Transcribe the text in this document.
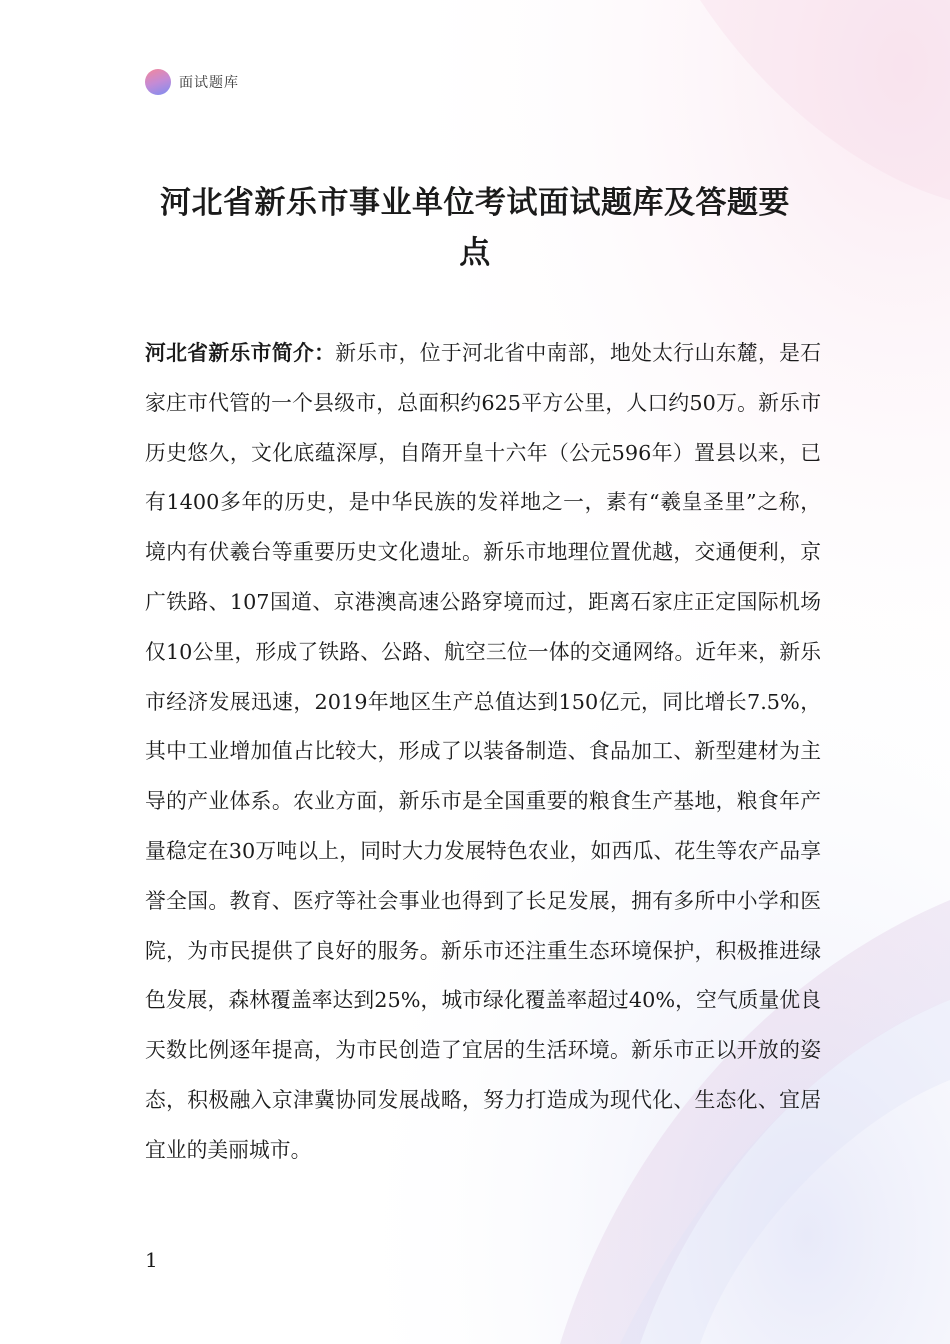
面试题库
河北省新乐市事业单位考试面试题库及答题要点
河北省新乐市简介：新乐市，位于河北省中南部，地处太行山东麓，是石家庄市代管的一个县级市，总面积约625平方公里，人口约50万。新乐市历史悠久，文化底蕴深厚，自隋开皇十六年（公元596年）置县以来，已有1400多年的历史，是中华民族的发祥地之一，素有“羲皇圣里”之称，境内有伏羲台等重要历史文化遗址。新乐市地理位置优越，交通便利，京广铁路、107国道、京港澳高速公路穿境而过，距离石家庄正定国际机场仅10公里，形成了铁路、公路、航空三位一体的交通网络。近年来，新乐市经济发展迅速，2019年地区生产总值达到150亿元，同比增长7.5%，其中工业增加值占比较大，形成了以装备制造、食品加工、新型建材为主导的产业体系。农业方面，新乐市是全国重要的粮食生产基地，粮食年产量稳定在30万吨以上，同时大力发展特色农业，如西瓜、花生等农产品享誉全国。教育、医疗等社会事业也得到了长足发展，拥有多所中小学和医院，为市民提供了良好的服务。新乐市还注重生态环境保护，积极推进绿色发展，森林覆盖率达到25%，城市绿化覆盖率超过40%，空气质量优良天数比例逐年提高，为市民创造了宜居的生活环境。新乐市正以开放的姿态，积极融入京津冀协同发展战略，努力打造成为现代化、生态化、宜居宜业的美丽城市。
1
